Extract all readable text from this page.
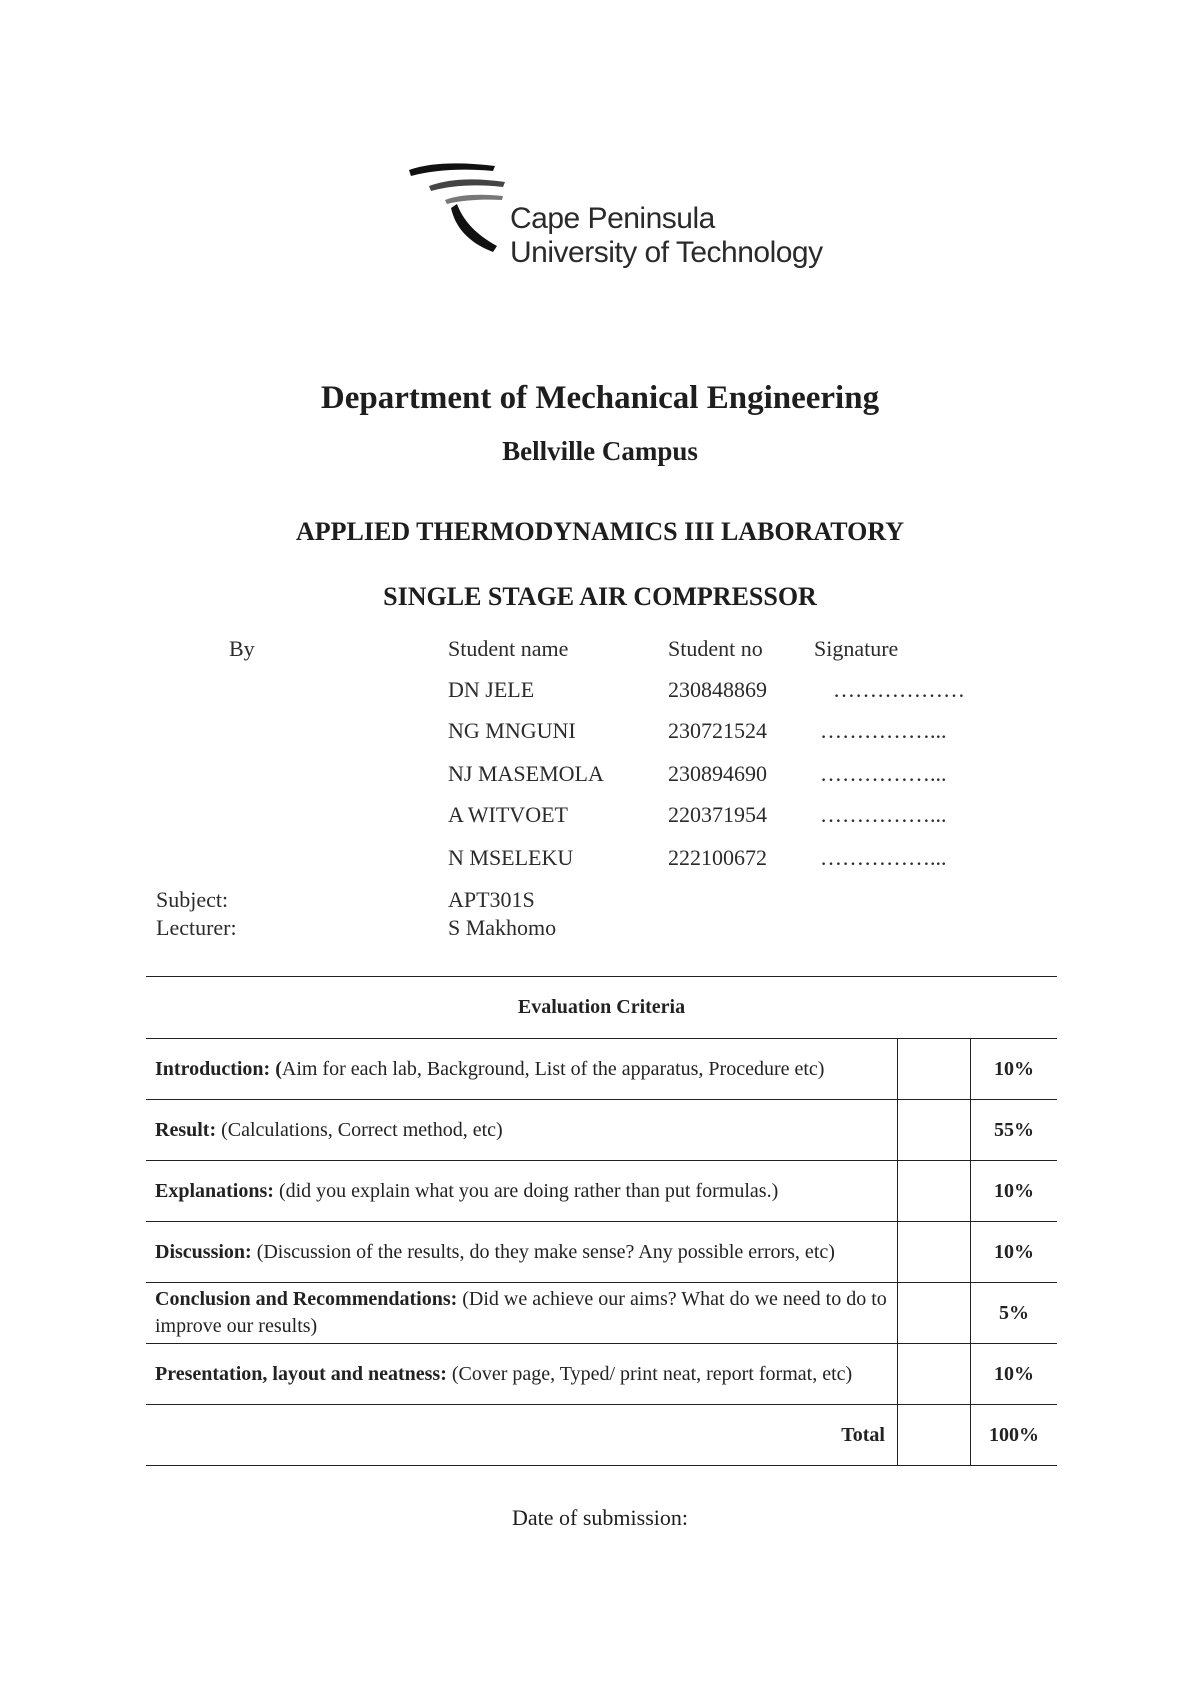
Cape Peninsula
University of Technology
Department of Mechanical Engineering
Bellville Campus
APPLIED THERMODYNAMICS III LABORATORY
SINGLE STAGE AIR COMPRESSOR
By	Student name	Student no Signature
DN JELE	230848869	………………
NG MNGUNI	230721524 ……………...
NJ MASEMOLA	230894690 ……………...
A WITVOET	220371954 ……………...
N MSELEKU	222100672 ……………...
Subject:	APT301S
Lecturer:	S Makhomo
Evaluation Criteria		
Introduction: (Aim for each lab, Background, List of the apparatus, Procedure etc)		10%
Result: (Calculations, Correct method, etc)		55%
Explanations: (did you explain what you are doing rather than put formulas.)		10%
Discussion: (Discussion of the results, do they make sense? Any possible errors, etc)		10%
Conclusion and Recommendations: (Did we achieve our aims? What do we need to do to improve our results)		5%
Presentation, layout and neatness: (Cover page, Typed/ print neat, report format, etc)		10%
Total		100%
Date of submission:
